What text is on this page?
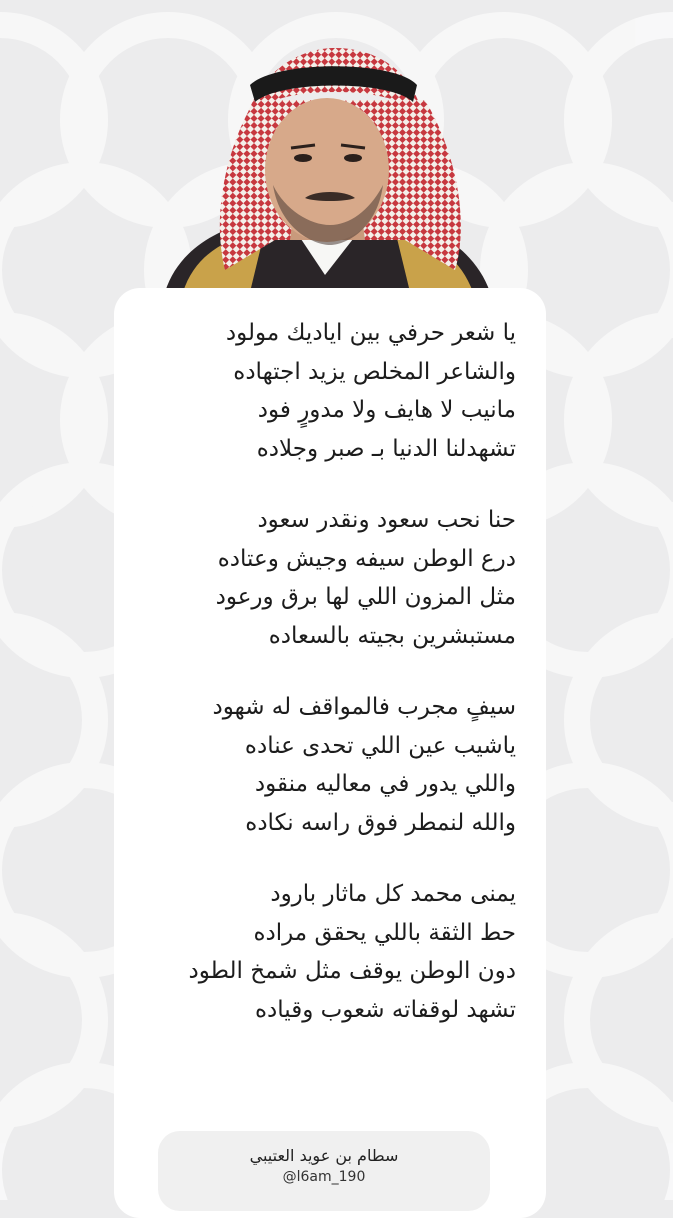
يا شعر حرفي بين اياديك مولود
والشاعر المخلص يزيد اجتهاده
مانيب لا هايف ولا مدورٍ فود
تشهدلنا الدنيا بـ صبر وجلاده
حنا نحب سعود ونقدر سعود
درع الوطن سيفه وجيش وعتاده
مثل المزون اللي لها برق ورعود
مستبشرين بجيته بالسعاده
سيفٍ مجرب فالمواقف له شهود
ياشيب عين اللي تحدى عناده
واللي يدور في معاليه منقود
والله لنمطر فوق راسه نكاده
يمنى محمد كل ماثار بارود
حط الثقة باللي يحقق مراده
دون الوطن يوقف مثل شمخ الطود
تشهد لوقفاته شعوب وقياده
سطام بن عويد العتيبي
@l6am_190
